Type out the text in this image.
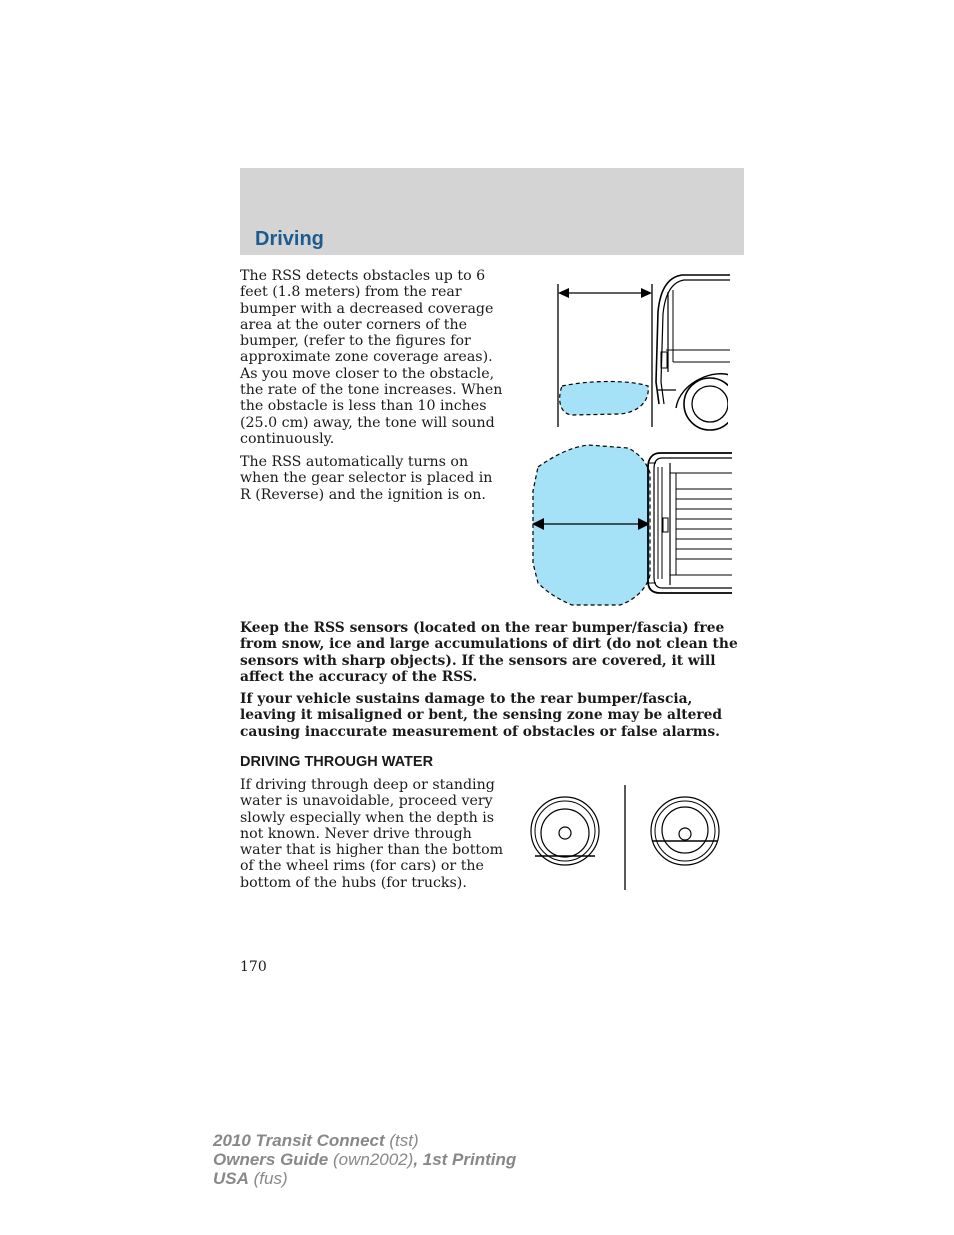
Driving

The RSS detects obstacles up to 6 feet (1.8 meters) from the rear bumper with a decreased coverage area at the outer corners of the bumper, (refer to the figures for approximate zone coverage areas). As you move closer to the obstacle, the rate of the tone increases. When the obstacle is less than 10 inches (25.0 cm) away, the tone will sound continuously.

The RSS automatically turns on when the gear selector is placed in R (Reverse) and the ignition is on.

Keep the RSS sensors (located on the rear bumper/fascia) free from snow, ice and large accumulations of dirt (do not clean the sensors with sharp objects). If the sensors are covered, it will affect the accuracy of the RSS.

If your vehicle sustains damage to the rear bumper/fascia, leaving it misaligned or bent, the sensing zone may be altered causing inaccurate measurement of obstacles or false alarms.

DRIVING THROUGH WATER

If driving through deep or standing water is unavoidable, proceed very slowly especially when the depth is not known. Never drive through water that is higher than the bottom of the wheel rims (for cars) or the bottom of the hubs (for trucks).

170
2010 Transit Connect (tst)
Owners Guide (own2002), 1st Printing
USA (fus)
